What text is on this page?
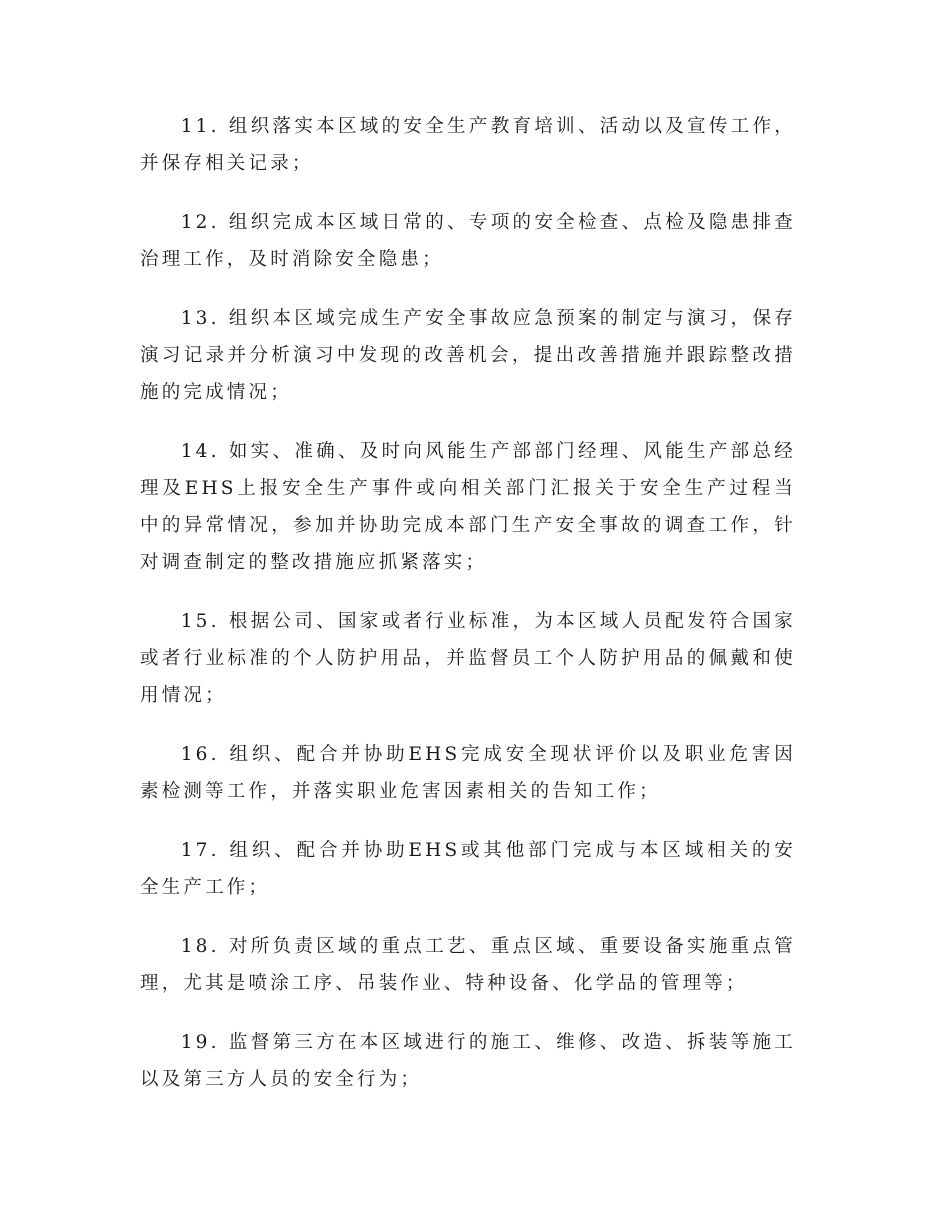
11. 组织落实本区域的安全生产教育培训、活动以及宣传工作，并保存相关记录；

12. 组织完成本区域日常的、专项的安全检查、点检及隐患排查治理工作，及时消除安全隐患；

13. 组织本区域完成生产安全事故应急预案的制定与演习，保存演习记录并分析演习中发现的改善机会，提出改善措施并跟踪整改措施的完成情况；

14. 如实、准确、及时向风能生产部部门经理、风能生产部总经理及EHS上报安全生产事件或向相关部门汇报关于安全生产过程当中的异常情况，参加并协助完成本部门生产安全事故的调查工作，针对调查制定的整改措施应抓紧落实；

15. 根据公司、国家或者行业标准，为本区域人员配发符合国家或者行业标准的个人防护用品，并监督员工个人防护用品的佩戴和使用情况；

16. 组织、配合并协助EHS完成安全现状评价以及职业危害因素检测等工作，并落实职业危害因素相关的告知工作；

17. 组织、配合并协助EHS或其他部门完成与本区域相关的安全生产工作；

18. 对所负责区域的重点工艺、重点区域、重要设备实施重点管理，尤其是喷涂工序、吊装作业、特种设备、化学品的管理等；

19. 监督第三方在本区域进行的施工、维修、改造、拆装等施工以及第三方人员的安全行为；
